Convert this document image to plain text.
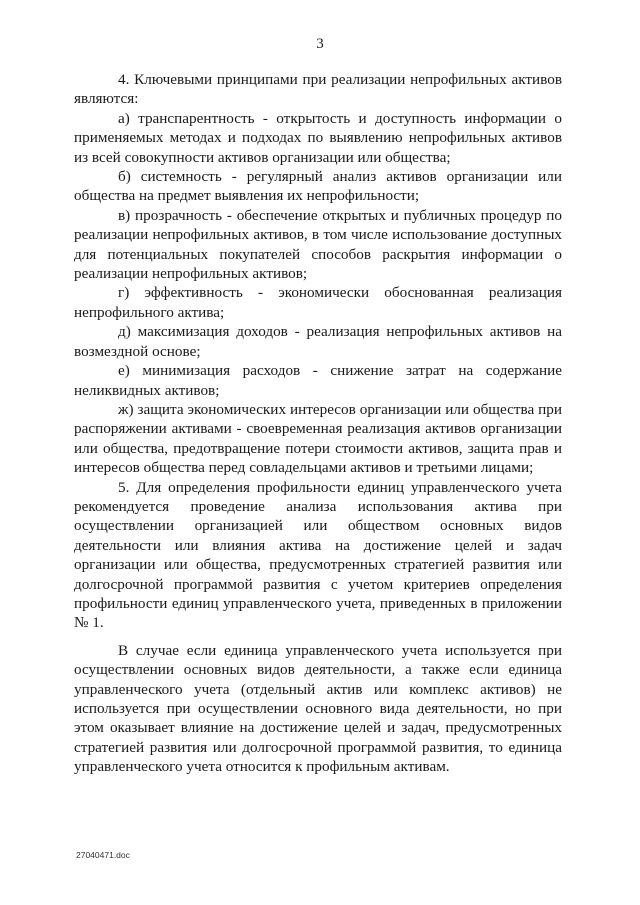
3

4. Ключевыми принципами при реализации непрофильных активов являются:

а) транспарентность - открытость и доступность информации о применяемых методах и подходах по выявлению непрофильных активов из всей совокупности активов организации или общества;

б) системность - регулярный анализ активов организации или общества на предмет выявления их непрофильности;

в) прозрачность - обеспечение открытых и публичных процедур по реализации непрофильных активов, в том числе использование доступных для потенциальных покупателей способов раскрытия информации о реализации непрофильных активов;

г) эффективность - экономически обоснованная реализация непрофильного актива;

д) максимизация доходов - реализация непрофильных активов на возмездной основе;

е) минимизация расходов - снижение затрат на содержание неликвидных активов;

ж) защита экономических интересов организации или общества при распоряжении активами - своевременная реализация активов организации или общества, предотвращение потери стоимости активов, защита прав и интересов общества перед совладельцами активов и третьими лицами;

5. Для определения профильности единиц управленческого учета рекомендуется проведение анализа использования актива при осуществлении организацией или обществом основных видов деятельности или влияния актива на достижение целей и задач организации или общества, предусмотренных стратегией развития или долгосрочной программой развития с учетом критериев определения профильности единиц управленческого учета, приведенных в приложении № 1.

В случае если единица управленческого учета используется при осуществлении основных видов деятельности, а также если единица управленческого учета (отдельный актив или комплекс активов) не используется при осуществлении основного вида деятельности, но при этом оказывает влияние на достижение целей и задач, предусмотренных стратегией развития или долгосрочной программой развития, то единица управленческого учета относится к профильным активам.

27040471.doc
